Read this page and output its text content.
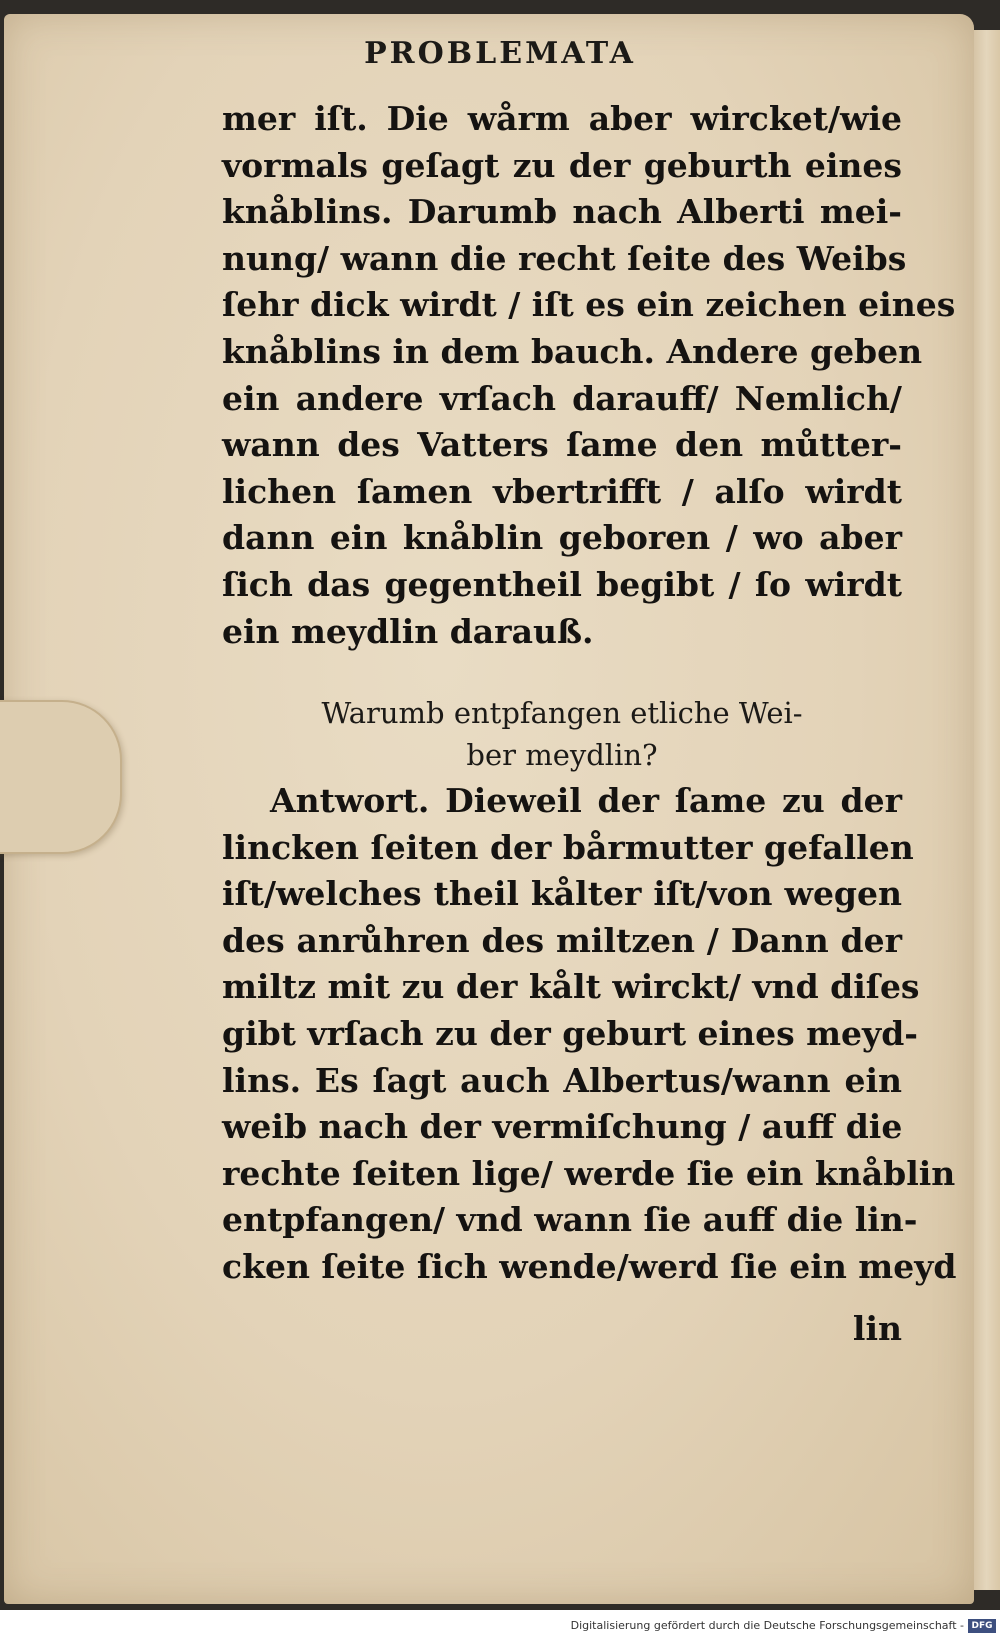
PROBLEMATA
mer iſt. Die wårm aber wircket/wie
vormals geſagt zu der geburth eines
knåblins. Darumb nach Alberti mei-
nung/ wann die recht ſeite des Weibs
ſehr dick wirdt / iſt es ein zeichen eines
knåblins in dem bauch. Andere geben
ein andere vrſach darauff/ Nemlich/
wann des Vatters ſame den můtter-
lichen ſamen vbertrifft / alſo wirdt
dann ein knåblin geboren / wo aber
ſich das gegentheil begibt / ſo wirdt
ein meydlin darauß.
Warumb entpfangen etliche Wei-
ber meydlin?
Antwort. Dieweil der ſame zu der
lincken ſeiten der bårmutter gefallen
iſt/welches theil kålter iſt/von wegen
des anrůhren des miltzen / Dann der
miltz mit zu der kålt wirckt/ vnd diſes
gibt vrſach zu der geburt eines meyd-
lins. Es ſagt auch Albertus/wann ein
weib nach der vermiſchung / auff die
rechte ſeiten lige/ werde ſie ein knåblin
entpfangen/ vnd wann ſie auff die lin-
cken ſeite ſich wende/werd ſie ein meyd
lin
Digitalisierung gefördert durch die Deutsche Forschungsgemeinschaft - DFG
